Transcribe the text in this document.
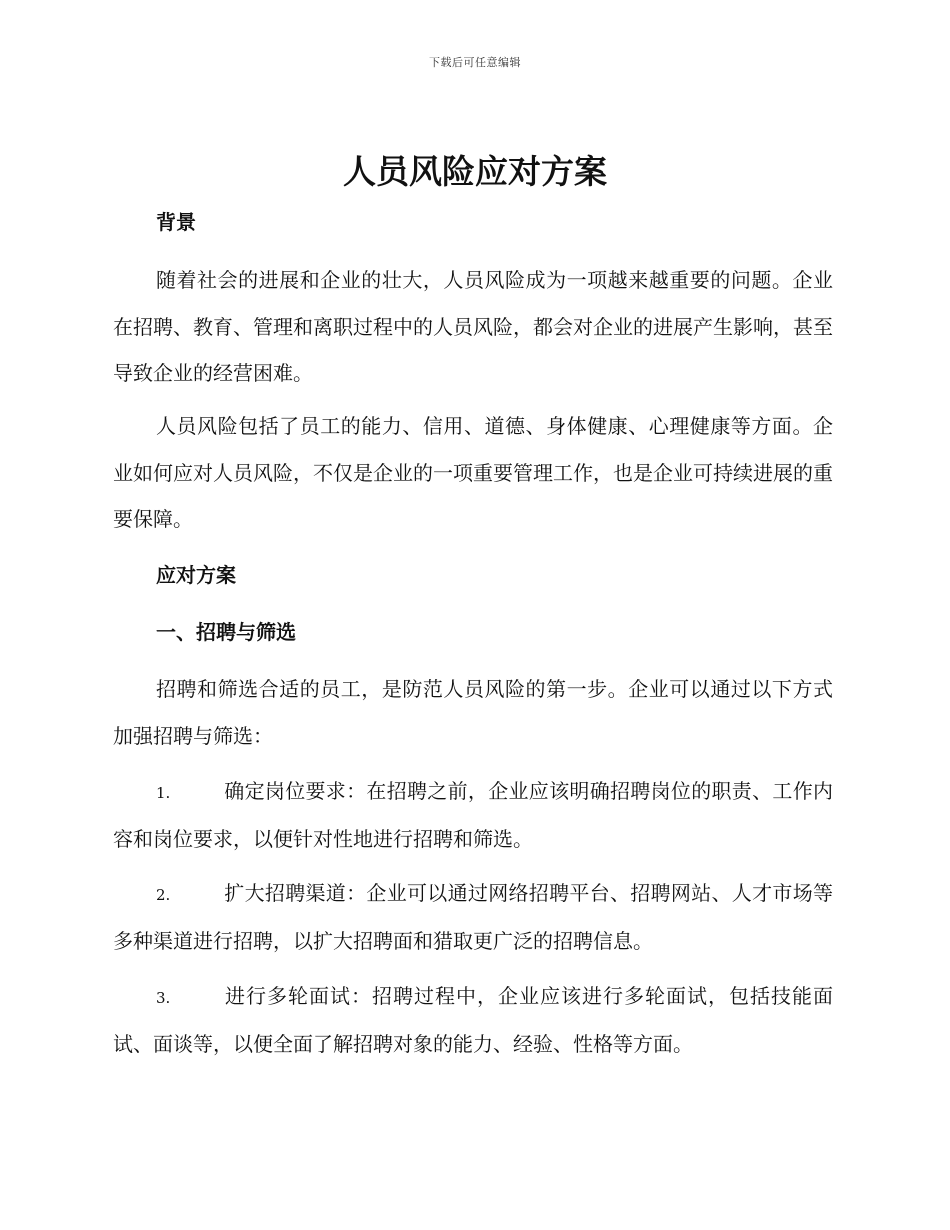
下载后可任意编辑
人员风险应对方案
背景

随着社会的进展和企业的壮大，人员风险成为一项越来越重要的问题。企业在招聘、教育、管理和离职过程中的人员风险，都会对企业的进展产生影响，甚至导致企业的经营困难。

人员风险包括了员工的能力、信用、道德、身体健康、心理健康等方面。企业如何应对人员风险，不仅是企业的一项重要管理工作，也是企业可持续进展的重要保障。

应对方案
一、招聘与筛选

招聘和筛选合适的员工，是防范人员风险的第一步。企业可以通过以下方式加强招聘与筛选：

1.	确定岗位要求：在招聘之前，企业应该明确招聘岗位的职责、工作内容和岗位要求，以便针对性地进行招聘和筛选。

2.	扩大招聘渠道：企业可以通过网络招聘平台、招聘网站、人才市场等多种渠道进行招聘，以扩大招聘面和猎取更广泛的招聘信息。

3.	进行多轮面试：招聘过程中，企业应该进行多轮面试，包括技能面试、面谈等，以便全面了解招聘对象的能力、经验、性格等方面。
